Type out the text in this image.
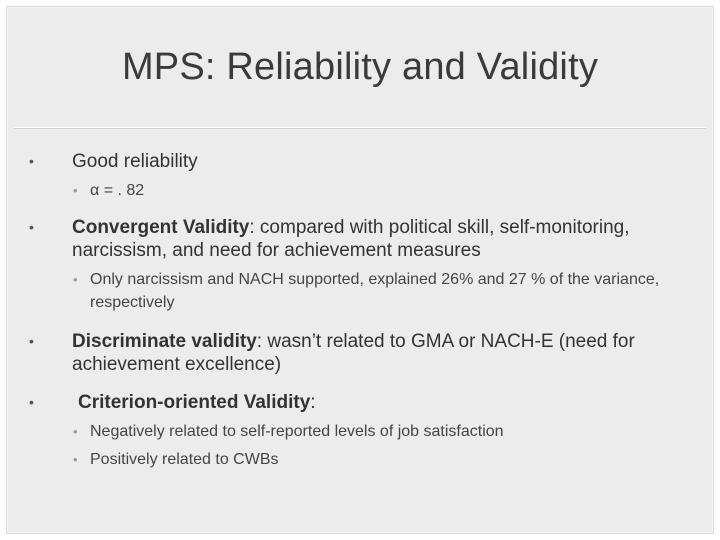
MPS: Reliability and Validity
• Good reliability
• α = . 82
• Convergent Validity: compared with political skill, self-monitoring, narcissism, and need for achievement measures
• Only narcissism and NACH supported, explained 26% and 27 % of the variance, respectively
• Discriminate validity: wasn’t related to GMA or NACH-E (need for achievement excellence)
• Criterion-oriented Validity:
• Negatively related to self-reported levels of job satisfaction
• Positively related to CWBs
